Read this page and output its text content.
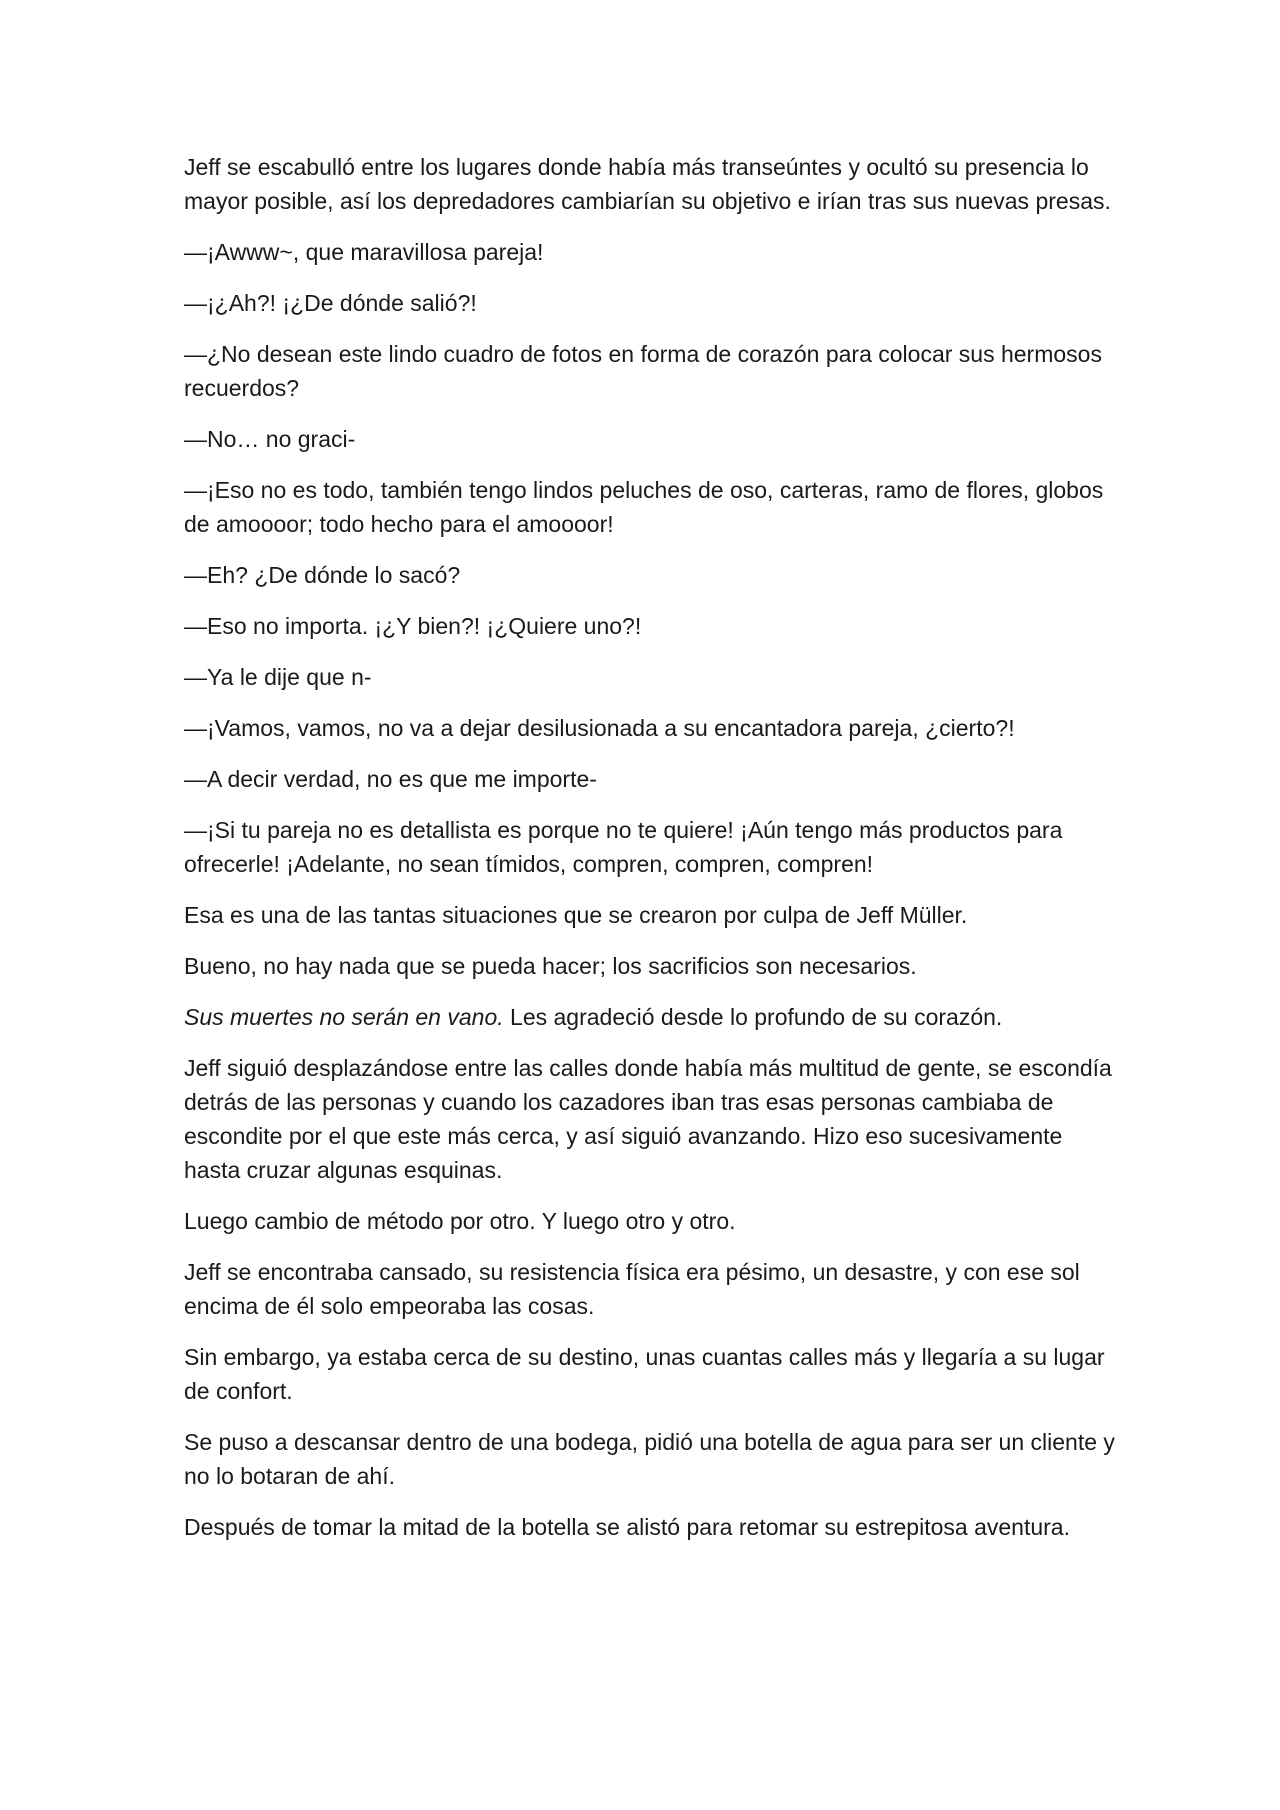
Jeff se escabulló entre los lugares donde había más transeúntes y ocultó su presencia lo mayor posible, así los depredadores cambiarían su objetivo e irían tras sus nuevas presas.

—¡Awww~, que maravillosa pareja!

—¡¿Ah?! ¡¿De dónde salió?!

—¿No desean este lindo cuadro de fotos en forma de corazón para colocar sus hermosos recuerdos?

—No… no graci-

—¡Eso no es todo, también tengo lindos peluches de oso, carteras, ramo de flores, globos de amoooor; todo hecho para el amoooor!

—Eh? ¿De dónde lo sacó?

—Eso no importa. ¡¿Y bien?! ¡¿Quiere uno?!

—Ya le dije que n-

—¡Vamos, vamos, no va a dejar desilusionada a su encantadora pareja, ¿cierto?!

—A decir verdad, no es que me importe-

—¡Si tu pareja no es detallista es porque no te quiere! ¡Aún tengo más productos para ofrecerle! ¡Adelante, no sean tímidos, compren, compren, compren!

Esa es una de las tantas situaciones que se crearon por culpa de Jeff Müller.

Bueno, no hay nada que se pueda hacer; los sacrificios son necesarios.

Sus muertes no serán en vano. Les agradeció desde lo profundo de su corazón.

Jeff siguió desplazándose entre las calles donde había más multitud de gente, se escondía detrás de las personas y cuando los cazadores iban tras esas personas cambiaba de escondite por el que este más cerca, y así siguió avanzando. Hizo eso sucesivamente hasta cruzar algunas esquinas.

Luego cambio de método por otro. Y luego otro y otro.

Jeff se encontraba cansado, su resistencia física era pésimo, un desastre, y con ese sol encima de él solo empeoraba las cosas.

Sin embargo, ya estaba cerca de su destino, unas cuantas calles más y llegaría a su lugar de confort.

Se puso a descansar dentro de una bodega, pidió una botella de agua para ser un cliente y no lo botaran de ahí.

Después de tomar la mitad de la botella se alistó para retomar su estrepitosa aventura.
